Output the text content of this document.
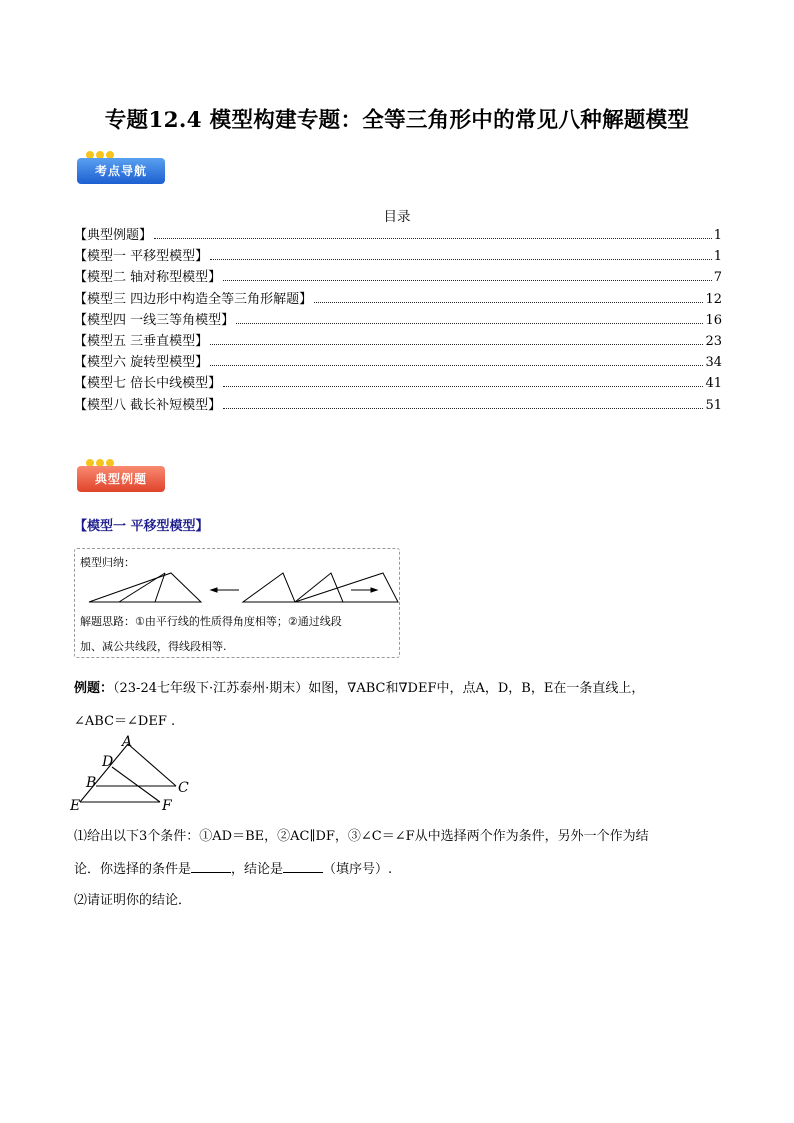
专题12.4 模型构建专题：全等三角形中的常见八种解题模型
考点导航
目录
【典型例题】	1
【模型一 平移型模型】	1
【模型二 轴对称型模型】	7
【模型三 四边形中构造全等三角形解题】	12
【模型四 一线三等角模型】	16
【模型五 三垂直模型】	23
【模型六 旋转型模型】	34
【模型七 倍长中线模型】	41
【模型八 截长补短模型】	51
典型例题
【模型一 平移型模型】
模型归纳：
解题思路：①由平行线的性质得角度相等；②通过线段
加、减公共线段，得线段相等.
例题：（23-24七年级下·江苏泰州·期末）如图，∇ABC和∇DEF中，点A，D，B，E在一条直线上，
∠ABC＝∠DEF .
A
D
B	C
E	F
⑴给出以下3个条件：①AD＝BE，②AC∥DF，③∠C＝∠F从中选择两个作为条件，另外一个作为结
论．你选择的条件是	，结论是	（填序号）.
⑵请证明你的结论．
